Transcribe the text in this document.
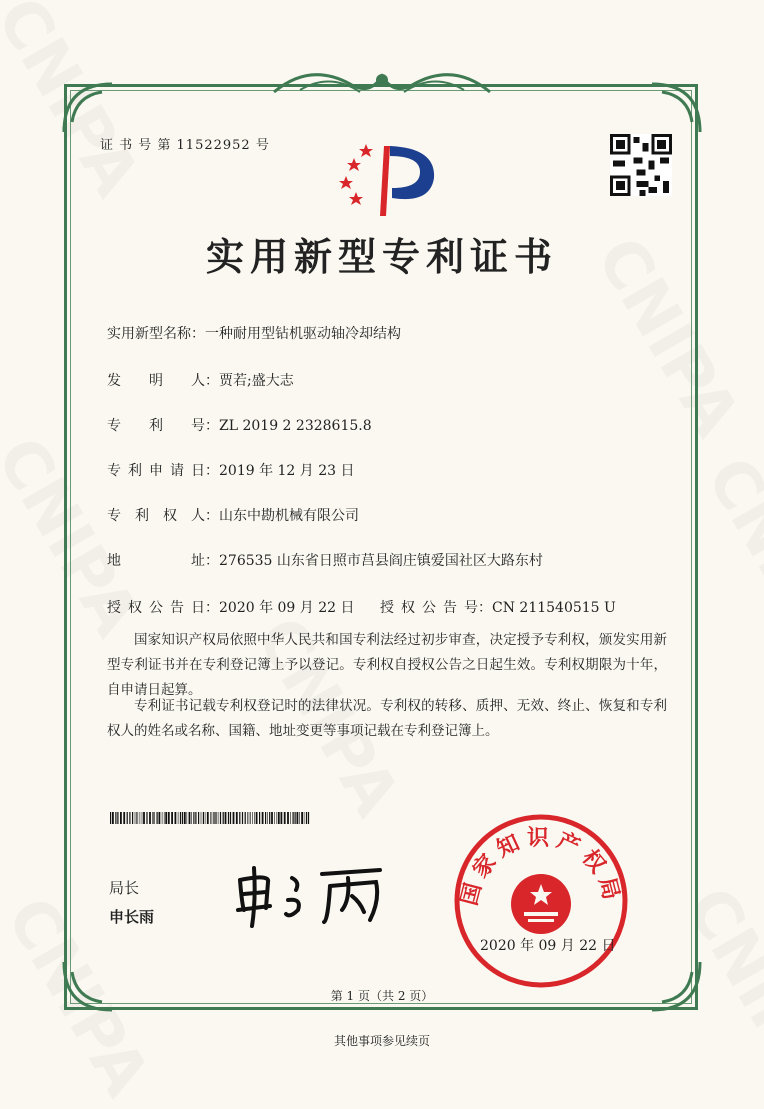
证 书 号 第 11522952 号
实用新型专利证书
实用新型名称：一种耐用型钻机驱动轴冷却结构
发明人：贾若;盛大志
专利号：ZL 2019 2 2328615.8
专利申请日：2019 年 12 月 23 日
专利权人：山东中勘机械有限公司
地址：276535 山东省日照市莒县阎庄镇爱国社区大路东村
授权公告日：2020 年 09 月 22 日 授权公告号：CN 211540515 U
国家知识产权局依照中华人民共和国专利法经过初步审查，决定授予专利权，颁发实用新型专利证书并在专利登记簿上予以登记。专利权自授权公告之日起生效。专利权期限为十年，自申请日起算。
专利证书记载专利权登记时的法律状况。专利权的转移、质押、无效、终止、恢复和专利权人的姓名或名称、国籍、地址变更等事项记载在专利登记簿上。
局长
申长雨
国家知识产权局
2020 年 09 月 22 日
第 1 页（共 2 页）
其他事项参见续页
